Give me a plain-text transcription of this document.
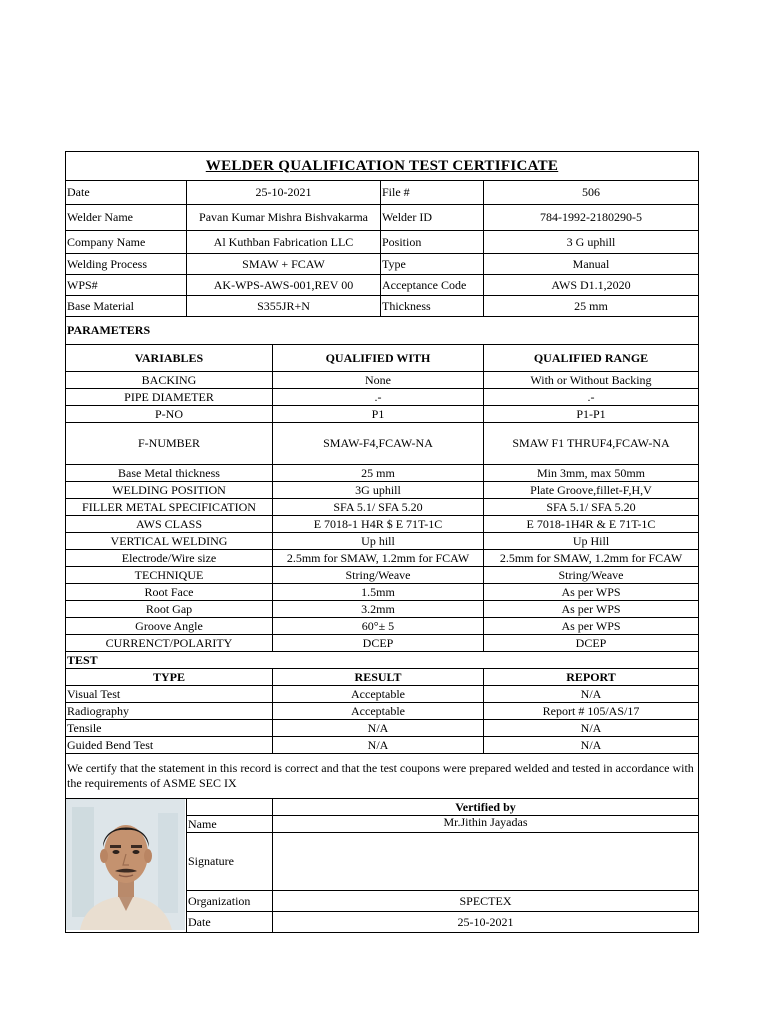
WELDER QUALIFICATION TEST CERTIFICATE				
Date	25-10-2021		File #	506
Welder Name	Pavan Kumar Mishra Bishvakarma		Welder ID	784-1992-2180290-5
Company Name	Al Kuthban Fabrication LLC		Position	3 G uphill
Welding Process	SMAW + FCAW		Type	Manual
WPS#	AK-WPS-AWS-001,REV 00		Acceptance Code	AWS D1.1,2020
Base Material	S355JR+N		Thickness	25 mm
PARAMETERS				
VARIABLES		QUALIFIED WITH		QUALIFIED RANGE
BACKING		None		With or Without Backing
PIPE DIAMETER		.-		.-
P-NO		P1		P1-P1
F-NUMBER		SMAW-F4,FCAW-NA		SMAW F1 THRUF4,FCAW-NA
Base Metal thickness		25 mm		Min 3mm, max 50mm
WELDING POSITION		3G uphill		Plate Groove,fillet-F,H,V
FILLER METAL SPECIFICATION		SFA 5.1/ SFA 5.20		SFA 5.1/ SFA 5.20
AWS CLASS		E 7018-1 H4R $ E 71T-1C		E 7018-1H4R & E 71T-1C
VERTICAL WELDING		Up hill		Up Hill
Electrode/Wire size		2.5mm for SMAW, 1.2mm for FCAW		2.5mm for SMAW, 1.2mm for FCAW
TECHNIQUE		String/Weave		String/Weave
Root Face		1.5mm		As per WPS
Root Gap		3.2mm		As per WPS
Groove Angle		60°± 5		As per WPS
CURRENCT/POLARITY		DCEP		DCEP
TEST				
TYPE		RESULT		REPORT
Visual Test		Acceptable		N/A
Radiography		Acceptable		Report # 105/AS/17
Tensile		N/A		N/A
Guided Bend Test		N/A		N/A
We certify that the statement in this record is correct and that the test coupons were prepared welded and tested in accordance with the requirements of ASME SEC IX				

		Vertified by		
	Name	Mr.Jithin Jayadas		
	Signature			
	Organization	SPECTEX		
	Date	25-10-2021		
